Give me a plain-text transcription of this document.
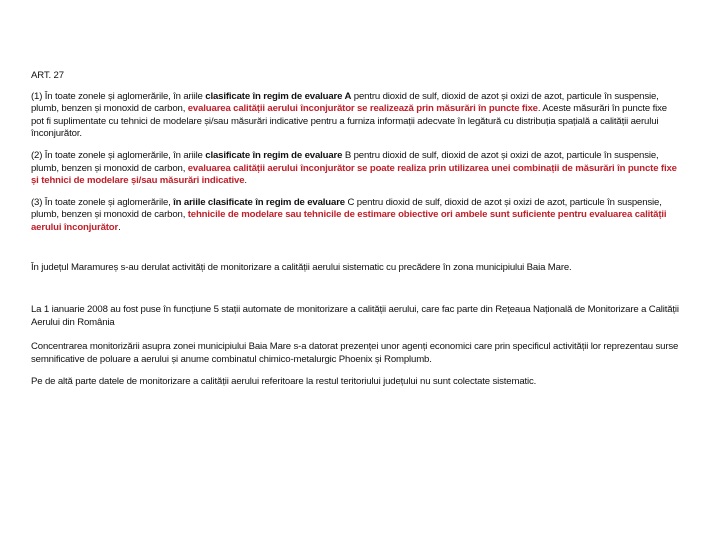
ART. 27

(1) În toate zonele și aglomerările, în ariile clasificate în regim de evaluare A pentru dioxid de sulf, dioxid de azot și oxizi de azot, particule în suspensie, plumb, benzen și monoxid de carbon, evaluarea calității aerului înconjurător se realizează prin măsurări în puncte fixe. Aceste măsurări în puncte fixe pot fi suplimentate cu tehnici de modelare și/sau măsurări indicative pentru a furniza informații adecvate în legătură cu distribuția spațială a calității aerului înconjurător.

(2) În toate zonele și aglomerările, în ariile clasificate în regim de evaluare B pentru dioxid de sulf, dioxid de azot și oxizi de azot, particule în suspensie, plumb, benzen și monoxid de carbon, evaluarea calității aerului înconjurător se poate realiza prin utilizarea unei combinații de măsurări în puncte fixe și tehnici de modelare și/sau măsurări indicative.

(3) În toate zonele și aglomerările, în ariile clasificate în regim de evaluare C pentru dioxid de sulf, dioxid de azot și oxizi de azot, particule în suspensie, plumb, benzen și monoxid de carbon, tehnicile de modelare sau tehnicile de estimare obiective ori ambele sunt suficiente pentru evaluarea calității aerului înconjurător.

În județul Maramureș s-au derulat activități de monitorizare a calității aerului sistematic cu precădere în zona municipiului Baia Mare.

La 1 ianuarie 2008 au fost puse în funcțiune 5 stații automate de monitorizare a calității aerului, care fac parte din Rețeaua Națională de Monitorizare a Calității Aerului din România

Concentrarea monitorizării asupra zonei municipiului Baia Mare s-a datorat prezenței unor agenți economici care prin specificul activității lor reprezentau surse semnificative de poluare a aerului și anume combinatul chimico-metalurgic Phoenix și Romplumb.

Pe de altă parte datele de monitorizare a calității aerului referitoare la restul teritoriului județului nu sunt colectate sistematic.
